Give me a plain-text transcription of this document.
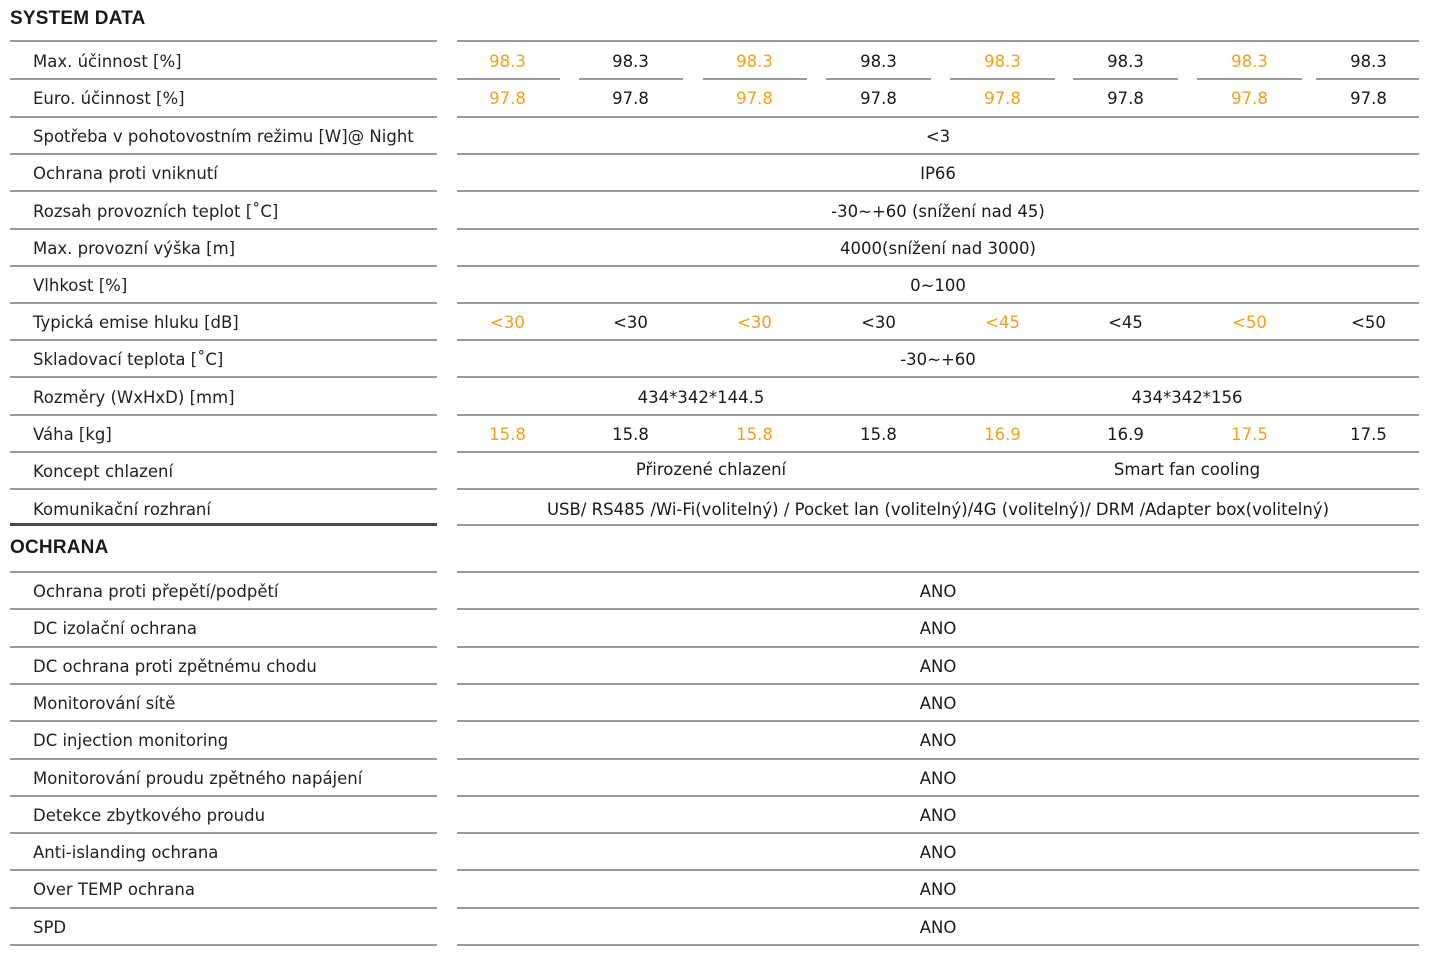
SYSTEM DATA
Max. účinnost [%]	98.3	98.3	98.3	98.3	98.3	98.3	98.3	98.3
Euro. účinnost [%]	97.8	97.8	97.8	97.8	97.8	97.8	97.8	97.8
Spotřeba v pohotovostním režimu [W]@ Night	<3
Ochrana proti vniknutí	IP66
Rozsah provozních teplot [˚C]	-30~+60 (snížení nad 45)
Max. provozní výška [m]	4000(snížení nad 3000)
Vlhkost [%]	0~100
Typická emise hluku [dB]	<30	<30	<30	<30	<45	<45	<50	<50
Skladovací teplota [˚C]	-30~+60
Rozměry (WxHxD) [mm]	434*342*144.5	434*342*156
Váha [kg]	15.8	15.8	15.8	15.8	16.9	16.9	17.5	17.5
Koncept chlazení	Přirozené chlazení	Smart fan cooling
Komunikační rozhraní	USB/ RS485 /Wi-Fi(volitelný) / Pocket lan (volitelný)/4G (volitelný)/ DRM /Adapter box(volitelný)
OCHRANA
Ochrana proti přepětí/podpětí	ANO
DC izolační ochrana	ANO
DC ochrana proti zpětnému chodu	ANO
Monitorování sítě	ANO
DC injection monitoring	ANO
Monitorování proudu zpětného napájení	ANO
Detekce zbytkového proudu	ANO
Anti-islanding ochrana	ANO
Over TEMP ochrana	ANO
SPD	ANO
